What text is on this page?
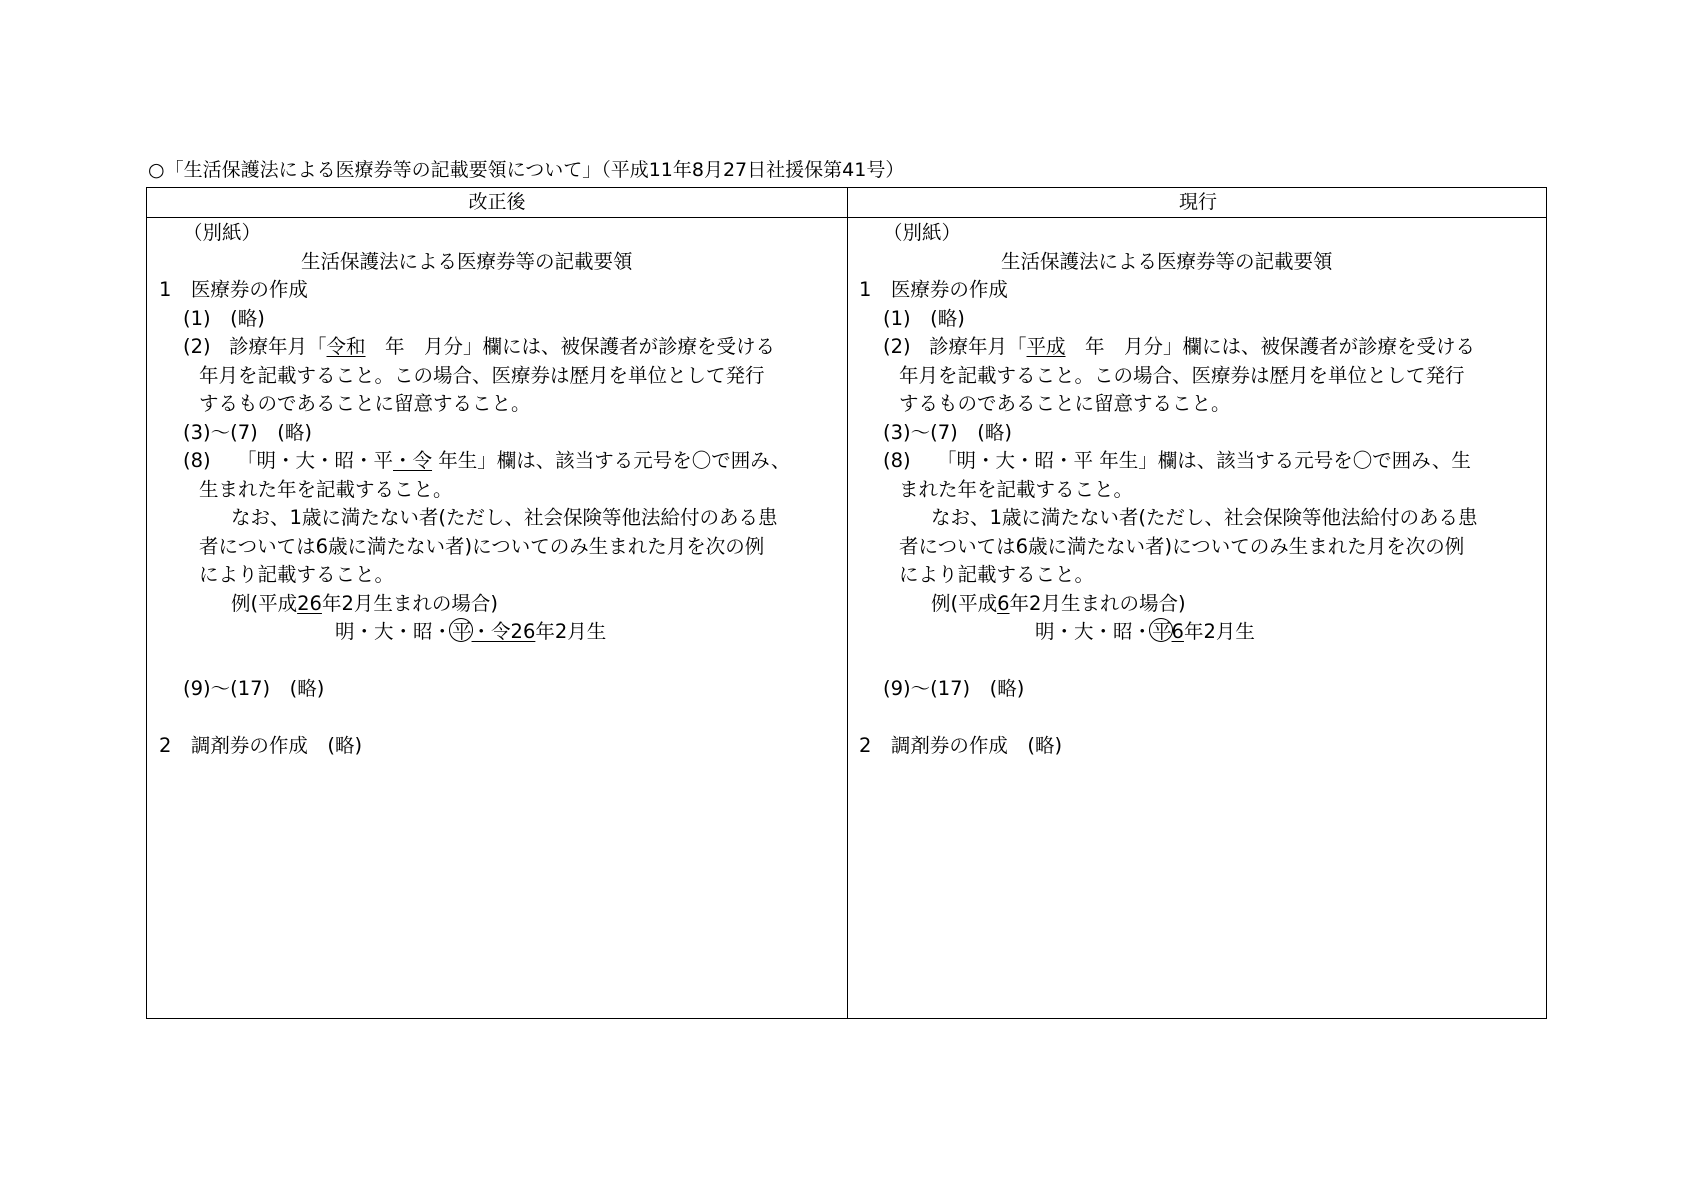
○「生活保護法による医療券等の記載要領について」（平成11年8月27日社援保第41号）
改正後	現行
（別紙）
生活保護法による医療券等の記載要領
1　医療券の作成
(1)　(略)
(2) 診療年月「令和　年　月分」欄には、被保護者が診療を受ける
年月を記載すること。この場合、医療券は歴月を単位として発行
するものであることに留意すること。
(3)～(7)　(略)
(8) 「明・大・昭・平・令 年生」欄は、該当する元号を〇で囲み、
生まれた年を記載すること。
なお、1歳に満たない者(ただし、社会保険等他法給付のある患
者については6歳に満たない者)についてのみ生まれた月を次の例
により記載すること。
例(平成26年2月生まれの場合)
明・大・昭・平・令26年2月生
(9)～(17)　(略)
2　調剤券の作成　(略)
（別紙）
生活保護法による医療券等の記載要領
1　医療券の作成
(1)　(略)
(2) 診療年月「平成　年　月分」欄には、被保護者が診療を受ける
年月を記載すること。この場合、医療券は歴月を単位として発行
するものであることに留意すること。
(3)～(7)　(略)
(8) 「明・大・昭・平 年生」欄は、該当する元号を〇で囲み、生
まれた年を記載すること。
なお、1歳に満たない者(ただし、社会保険等他法給付のある患
者については6歳に満たない者)についてのみ生まれた月を次の例
により記載すること。
例(平成6年2月生まれの場合)
明・大・昭・平6年2月生
(9)～(17)　(略)
2　調剤券の作成　(略)
